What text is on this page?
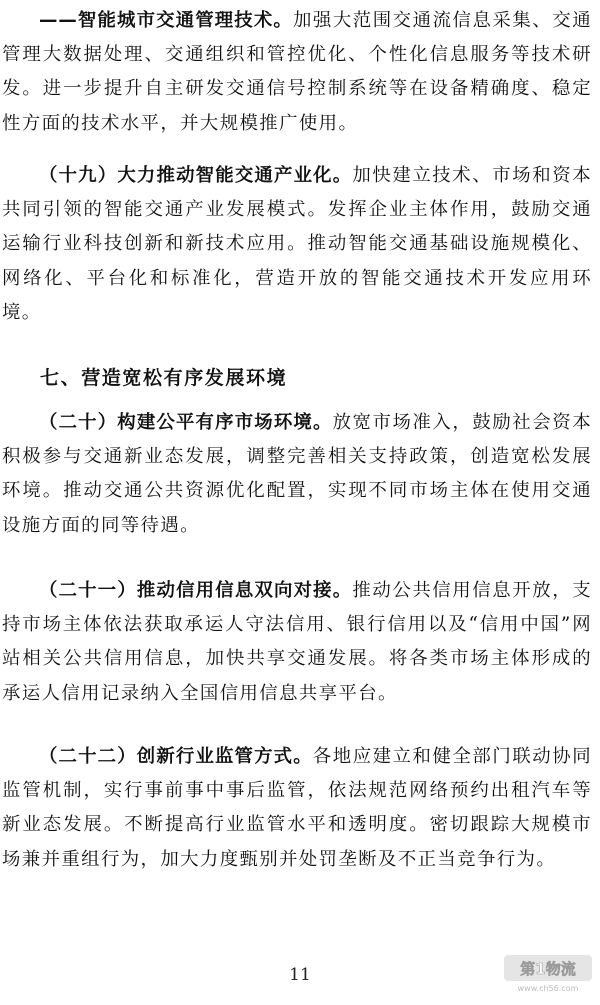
——智能城市交通管理技术。加强大范围交通流信息采集、交通管理大数据处理、交通组织和管控优化、个性化信息服务等技术研发。进一步提升自主研发交通信号控制系统等在设备精确度、稳定性方面的技术水平，并大规模推广使用。

（十九）大力推动智能交通产业化。加快建立技术、市场和资本共同引领的智能交通产业发展模式。发挥企业主体作用，鼓励交通运输行业科技创新和新技术应用。推动智能交通基础设施规模化、网络化、平台化和标准化，营造开放的智能交通技术开发应用环境。

七、营造宽松有序发展环境

（二十）构建公平有序市场环境。放宽市场准入，鼓励社会资本积极参与交通新业态发展，调整完善相关支持政策，创造宽松发展环境。推动交通公共资源优化配置，实现不同市场主体在使用交通设施方面的同等待遇。

（二十一）推动信用信息双向对接。推动公共信用信息开放，支持市场主体依法获取承运人守法信用、银行信用以及“信用中国”网站相关公共信用信息，加快共享交通发展。将各类市场主体形成的承运人信用记录纳入全国信用信息共享平台。

（二十二）创新行业监管方式。各地应建立和健全部门联动协同监管机制，实行事前事中事后监管，依法规范网络预约出租汽车等新业态发展。不断提高行业监管水平和透明度。密切跟踪大规模市场兼并重组行为，加大力度甄别并处罚垄断及不正当竞争行为。

11	第1物流
www.ch56.com
